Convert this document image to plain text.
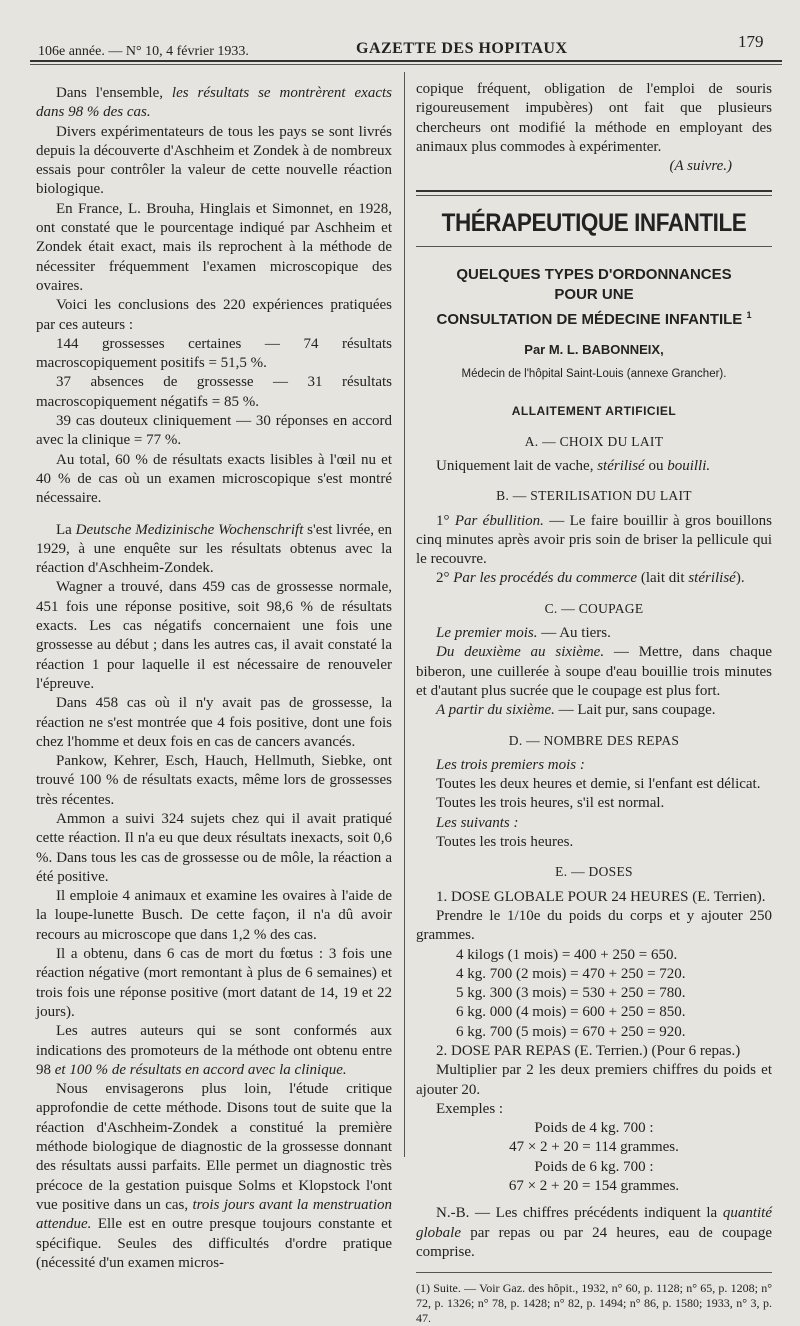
106e année. — N° 10, 4 février 1933.	GAZETTE DES HOPITAUX	179

Dans l'ensemble, les résultats se montrèrent exacts dans 98 % des cas.

Divers expérimentateurs de tous les pays se sont livrés depuis la découverte d'Aschheim et Zondek à de nombreux essais pour contrôler la valeur de cette nouvelle réaction biologique.

En France, L. Brouha, Hinglais et Simonnet, en 1928, ont constaté que le pourcentage indiqué par Aschheim et Zondek était exact, mais ils reprochent à la méthode de nécessiter fréquemment l'examen microscopique des ovaires.

Voici les conclusions des 220 expériences pratiquées par ces auteurs :

144 grossesses certaines — 74 résultats macroscopiquement positifs = 51,5 %.

37 absences de grossesse — 31 résultats macroscopiquement négatifs = 85 %.

39 cas douteux cliniquement — 30 réponses en accord avec la clinique = 77 %.

Au total, 60 % de résultats exacts lisibles à l'œil nu et 40 % de cas où un examen microscopique s'est montré nécessaire.

La Deutsche Medizinische Wochenschrift s'est livrée, en 1929, à une enquête sur les résultats obtenus avec la réaction d'Aschheim-Zondek.

Wagner a trouvé, dans 459 cas de grossesse normale, 451 fois une réponse positive, soit 98,6 % de résultats exacts. Les cas négatifs concernaient une fois une grossesse au début ; dans les autres cas, il avait constaté la réaction 1 pour laquelle il est nécessaire de renouveler l'épreuve.

Dans 458 cas où il n'y avait pas de grossesse, la réaction ne s'est montrée que 4 fois positive, dont une fois chez l'homme et deux fois en cas de cancers avancés.

Pankow, Kehrer, Esch, Hauch, Hellmuth, Siebke, ont trouvé 100 % de résultats exacts, même lors de grossesses très récentes.

Ammon a suivi 324 sujets chez qui il avait pratiqué cette réaction. Il n'a eu que deux résultats inexacts, soit 0,6 %. Dans tous les cas de grossesse ou de môle, la réaction a été positive.

Il emploie 4 animaux et examine les ovaires à l'aide de la loupe-lunette Busch. De cette façon, il n'a dû avoir recours au microscope que dans 1,2 % des cas.

Il a obtenu, dans 6 cas de mort du fœtus : 3 fois une réaction négative (mort remontant à plus de 6 semaines) et trois fois une réponse positive (mort datant de 14, 19 et 22 jours).

Les autres auteurs qui se sont conformés aux indications des promoteurs de la méthode ont obtenu entre 98 et 100 % de résultats en accord avec la clinique.

Nous envisagerons plus loin, l'étude critique approfondie de cette méthode. Disons tout de suite que la réaction d'Aschheim-Zondek a constitué la première méthode biologique de diagnostic de la grossesse donnant des résultats aussi parfaits. Elle permet un diagnostic très précoce de la gestation puisque Solms et Klopstock l'ont vue positive dans un cas, trois jours avant la menstruation attendue. Elle est en outre presque toujours constante et spécifique. Seules des difficultés d'ordre pratique (nécessité d'un examen micros-

copique fréquent, obligation de l'emploi de souris rigoureusement impubères) ont fait que plusieurs chercheurs ont modifié la méthode en employant des animaux plus commodes à expérimenter.

(A suivre.)
THÉRAPEUTIQUE INFANTILE
QUELQUES TYPES D'ORDONNANCES
POUR UNE
CONSULTATION DE MÉDECINE INFANTILE $^1$
Par M. L. BABONNEIX,
Médecin de l'hôpital Saint-Louis (annexe Grancher).
ALLAITEMENT ARTIFICIEL
A. — CHOIX DU LAIT

Uniquement lait de vache, stérilisé ou bouilli.

B. — STERILISATION DU LAIT

1° Par ébullition. — Le faire bouillir à gros bouillons cinq minutes après avoir pris soin de briser la pellicule qui le recouvre.

2° Par les procédés du commerce (lait dit stérilisé).

C. — COUPAGE

Le premier mois. — Au tiers.

Du deuxième au sixième. — Mettre, dans chaque biberon, une cuillerée à soupe d'eau bouillie trois minutes et d'autant plus sucrée que le coupage est plus fort.

A partir du sixième. — Lait pur, sans coupage.

D. — NOMBRE DES REPAS

Les trois premiers mois :

Toutes les deux heures et demie, si l'enfant est délicat.

Toutes les trois heures, s'il est normal.

Les suivants :

Toutes les trois heures.

E. — DOSES

1. DOSE GLOBALE POUR 24 HEURES (E. Terrien).

Prendre le 1/10e du poids du corps et y ajouter 250 grammes.

4 kilogs (1 mois) = 400 + 250 = 650.
4 kg. 700 (2 mois) = 470 + 250 = 720.
5 kg. 300 (3 mois) = 530 + 250 = 780.
6 kg. 000 (4 mois) = 600 + 250 = 850.
6 kg. 700 (5 mois) = 670 + 250 = 920.

2. DOSE PAR REPAS (E. Terrien.) (Pour 6 repas.)

Multiplier par 2 les deux premiers chiffres du poids et ajouter 20.

Exemples :

Poids de 4 kg. 700 :
47 × 2 + 20 = 114 grammes.
Poids de 6 kg. 700 :
67 × 2 + 20 = 154 grammes.

N.-B. — Les chiffres précédents indiquent la quantité globale par repas ou par 24 heures, eau de coupage comprise.

(1) Suite. — Voir Gaz. des hôpit., 1932, n° 60, p. 1128; n° 65, p. 1208; n° 72, p. 1326; n° 78, p. 1428; n° 82, p. 1494; n° 86, p. 1580; 1933, n° 3, p. 47.
